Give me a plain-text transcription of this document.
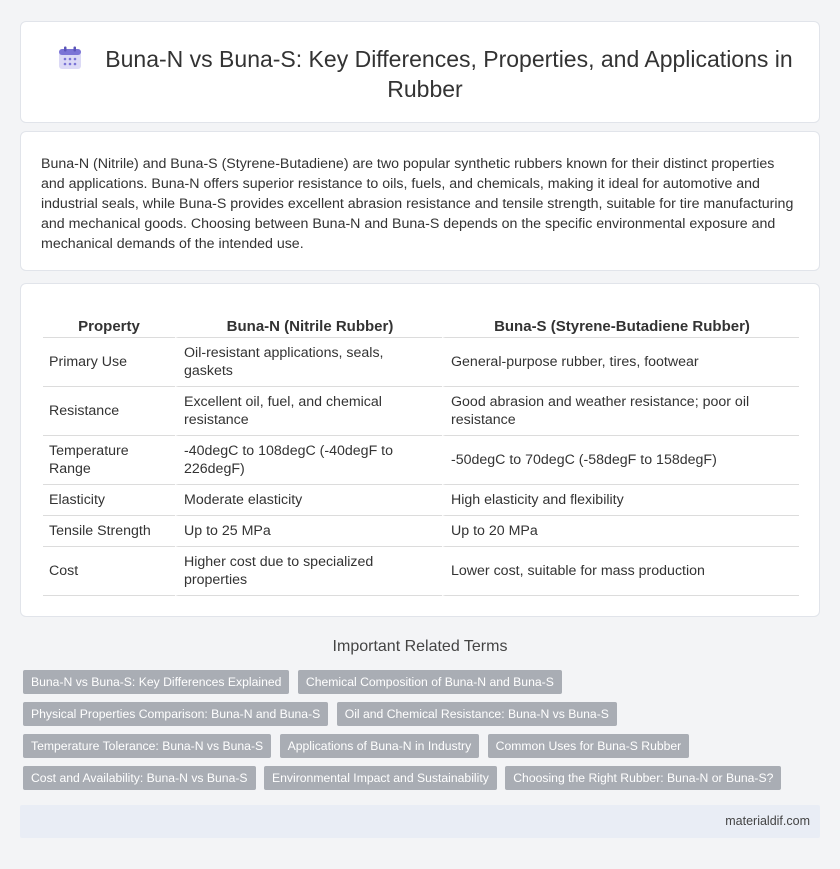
Buna-N vs Buna-S: Key Differences, Properties, and Applications in Rubber

Buna-N (Nitrile) and Buna-S (Styrene-Butadiene) are two popular synthetic rubbers known for their distinct properties and applications. Buna-N offers superior resistance to oils, fuels, and chemicals, making it ideal for automotive and industrial seals, while Buna-S provides excellent abrasion resistance and tensile strength, suitable for tire manufacturing and mechanical goods. Choosing between Buna-N and Buna-S depends on the specific environmental exposure and mechanical demands of the intended use.

Property	Buna-N (Nitrile Rubber)	Buna-S (Styrene-Butadiene Rubber)
Primary Use	Oil-resistant applications, seals, gaskets	General-purpose rubber, tires, footwear
Resistance	Excellent oil, fuel, and chemical resistance	Good abrasion and weather resistance; poor oil resistance
Temperature Range	-40degC to 108degC (-40degF to 226degF)	-50degC to 70degC (-58degF to 158degF)
Elasticity	Moderate elasticity	High elasticity and flexibility
Tensile Strength	Up to 25 MPa	Up to 20 MPa
Cost	Higher cost due to specialized properties	Lower cost, suitable for mass production
Important Related Terms
Buna-N vs Buna-S: Key Differences Explained Chemical Composition of Buna-N and Buna-S
Physical Properties Comparison: Buna-N and Buna-S Oil and Chemical Resistance: Buna-N vs Buna-S
Temperature Tolerance: Buna-N vs Buna-S Applications of Buna-N in Industry Common Uses for Buna-S Rubber
Cost and Availability: Buna-N vs Buna-S Environmental Impact and Sustainability Choosing the Right Rubber: Buna-N or Buna-S?
materialdif.com
